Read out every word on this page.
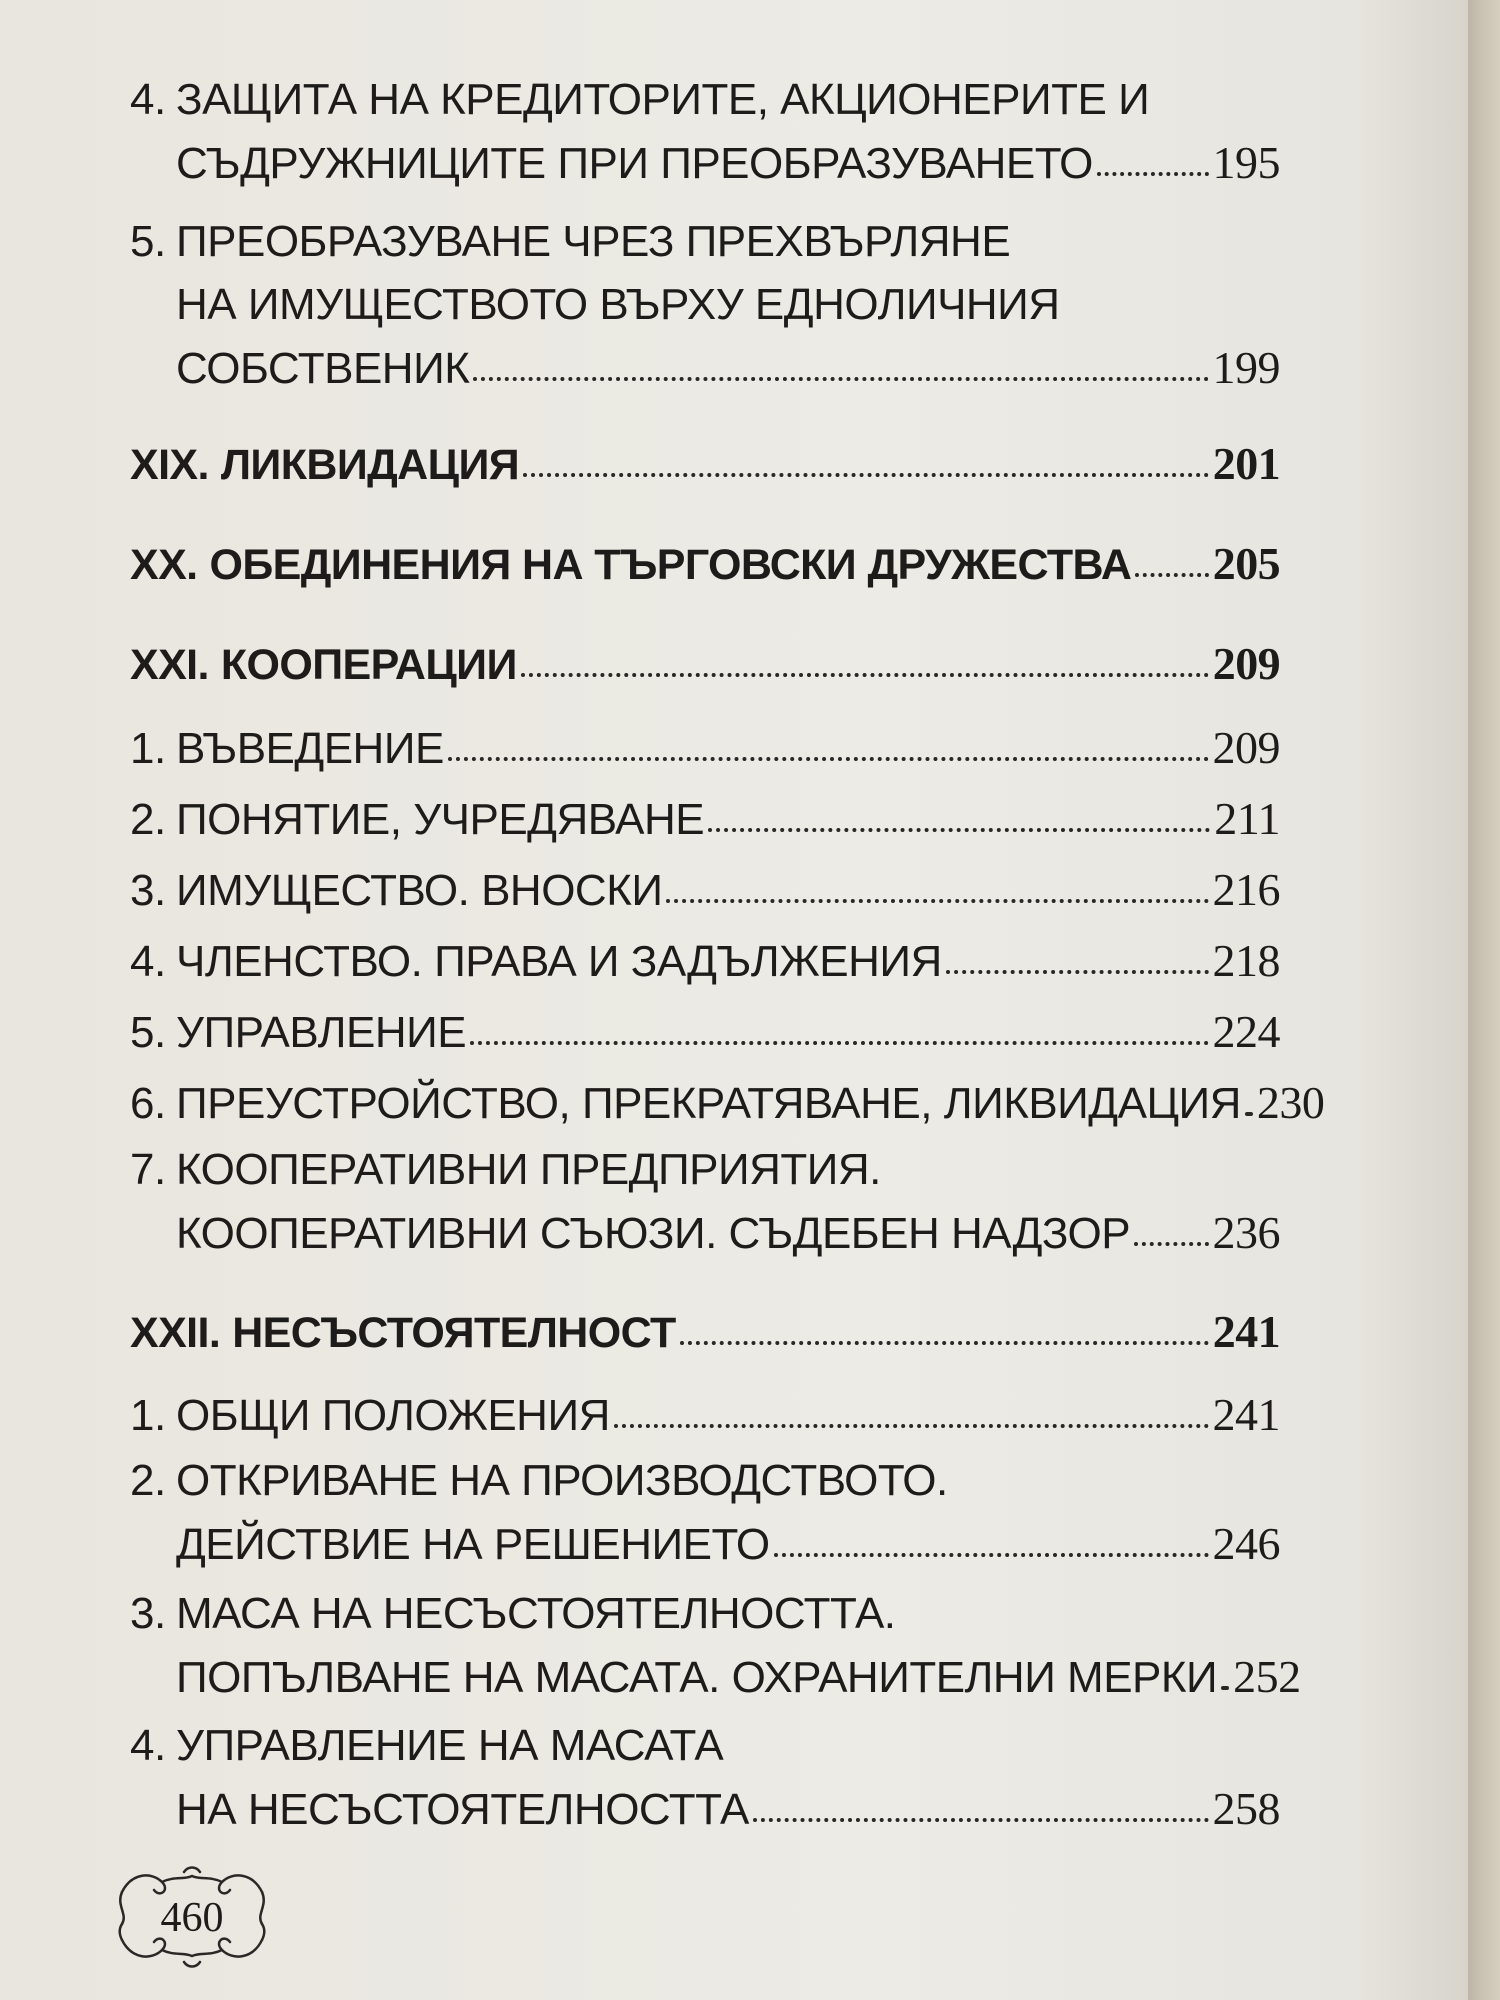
4. ЗАЩИТА НА КРЕДИТОРИТЕ, АКЦИОНЕРИТЕ И
СЪДРУЖНИЦИТЕ ПРИ ПРЕОБРАЗУВАНЕТО	195
5. ПРЕОБРАЗУВАНЕ ЧРЕЗ ПРЕХВЪРЛЯНЕ
НА ИМУЩЕСТВОТО ВЪРХУ ЕДНОЛИЧНИЯ
СОБСТВЕНИК	199
XIX. ЛИКВИДАЦИЯ	201
XX. ОБЕДИНЕНИЯ НА ТЪРГОВСКИ ДРУЖЕСТВА 205
XXI. КООПЕРАЦИИ	209
1. ВЪВЕДЕНИЕ	209
2. ПОНЯТИЕ, УЧРЕДЯВАНЕ	211
3. ИМУЩЕСТВО. ВНОСКИ	216
4. ЧЛЕНСТВО. ПРАВА И ЗАДЪЛЖЕНИЯ	218
5. УПРАВЛЕНИЕ	224
6. ПРЕУСТРОЙСТВО, ПРЕКРАТЯВАНЕ, ЛИКВИДАЦИЯ 230
7. КООПЕРАТИВНИ ПРЕДПРИЯТИЯ.
КООПЕРАТИВНИ СЪЮЗИ. СЪДЕБЕН НАДЗОР 236
XXII. НЕСЪСТОЯТЕЛНОСТ	241
1. ОБЩИ ПОЛОЖЕНИЯ	241
2. ОТКРИВАНЕ НА ПРОИЗВОДСТВОТО.
ДЕЙСТВИЕ НА РЕШЕНИЕТО	246
3. МАСА НА НЕСЪСТОЯТЕЛНОСТТА.
ПОПЪЛВАНЕ НА МАСАТА. ОХРАНИТЕЛНИ МЕРКИ 252
4. УПРАВЛЕНИЕ НА МАСАТА
НА НЕСЪСТОЯТЕЛНОСТТА	258
460
